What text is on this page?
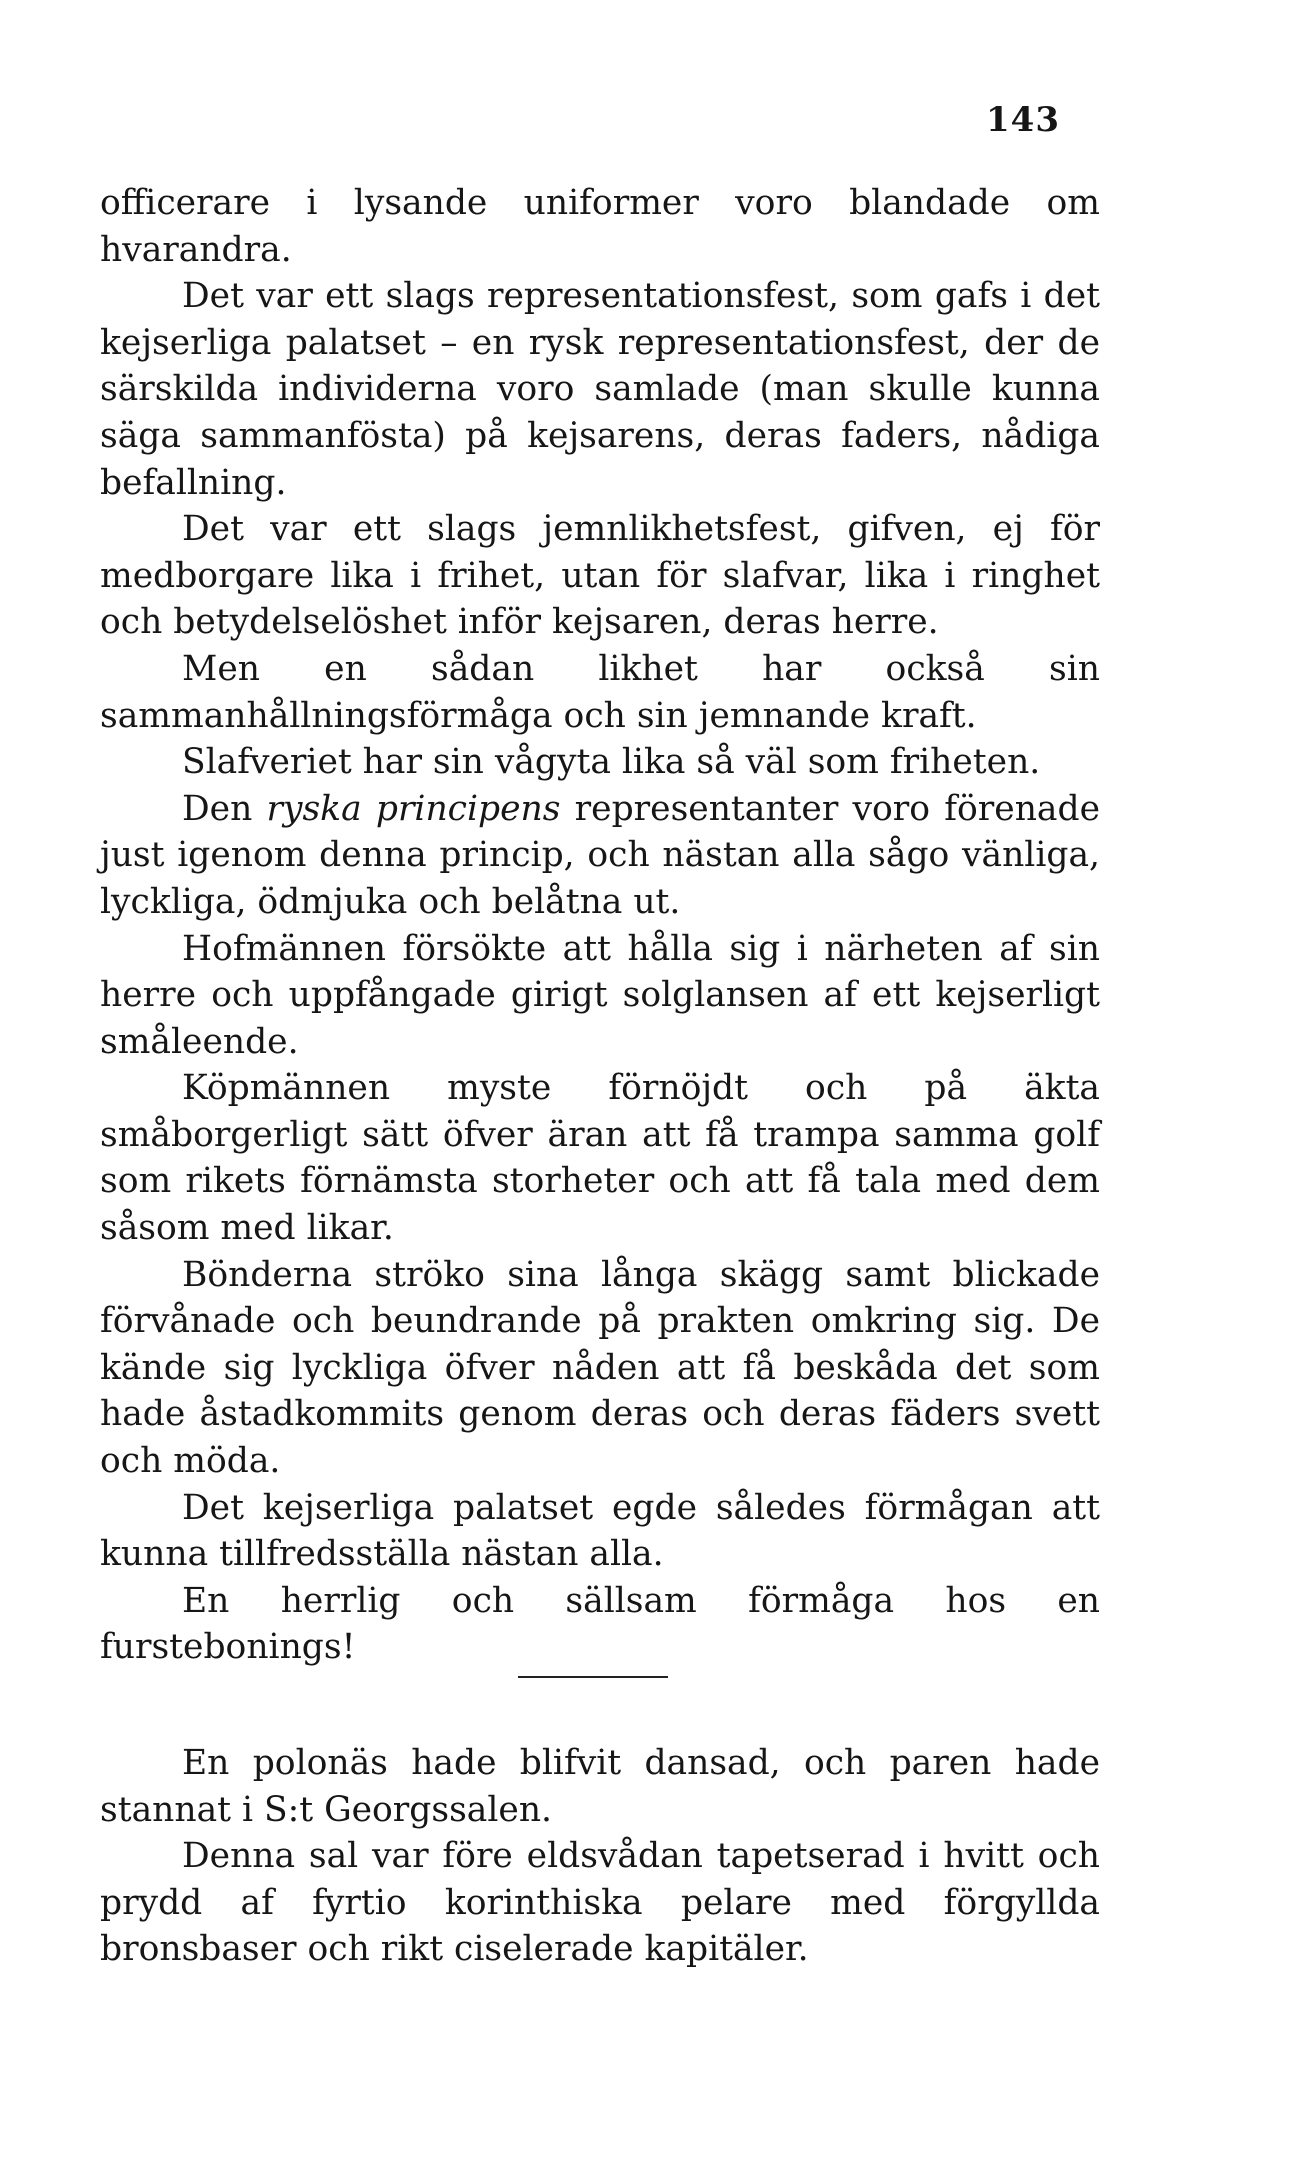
143

officerare i lysande uniformer voro blandade om hvarandra.

Det var ett slags representationsfest, som gafs i det kejserliga palatset – en rysk representationsfest, der de särskilda individerna voro samlade (man skulle kunna säga sammanfösta) på kejsarens, deras faders, nådiga befallning.

Det var ett slags jemnlikhetsfest, gifven, ej för medborgare lika i frihet, utan för slafvar, lika i ringhet och betydelselöshet inför kejsaren, deras herre.

Men en sådan likhet har också sin sammanhållningsförmåga och sin jemnande kraft.

Slafveriet har sin vågyta lika så väl som friheten.

Den ryska principens representanter voro förenade just igenom denna princip, och nästan alla sågo vänliga, lyckliga, ödmjuka och belåtna ut.

Hofmännen försökte att hålla sig i närheten af sin herre och uppfångade girigt solglansen af ett kejserligt småleende.

Köpmännen myste förnöjdt och på äkta småborgerligt sätt öfver äran att få trampa samma golf som rikets förnämsta storheter och att få tala med dem såsom med likar.

Bönderna ströko sina långa skägg samt blickade förvånade och beundrande på prakten omkring sig. De kände sig lyckliga öfver nåden att få beskåda det som hade åstadkommits genom deras och deras fäders svett och möda.

Det kejserliga palatset egde således förmågan att kunna tillfredsställa nästan alla.

En herrlig och sällsam förmåga hos en furstebonings!

En polonäs hade blifvit dansad, och paren hade stannat i S:t Georgssalen.

Denna sal var före eldsvådan tapetserad i hvitt och prydd af fyrtio korinthiska pelare med förgyllda bronsbaser och rikt ciselerade kapitäler.
